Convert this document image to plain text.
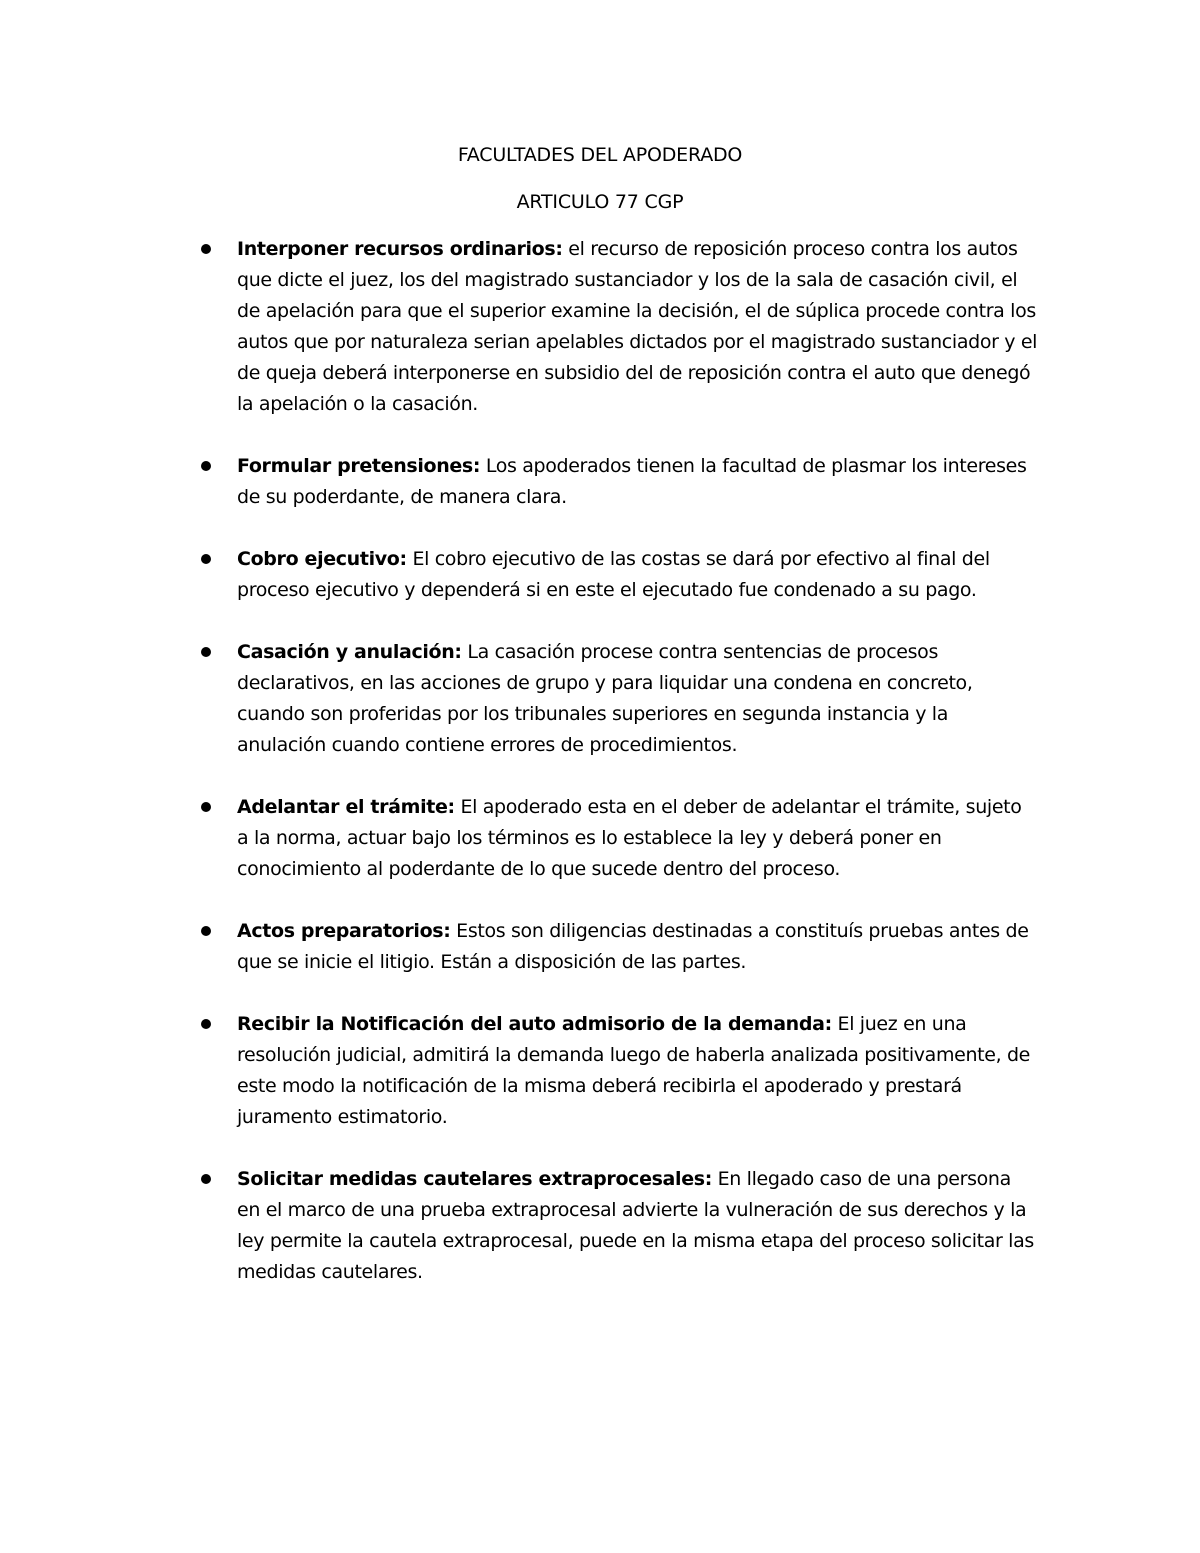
FACULTADES DEL APODERADO
ARTICULO 77 CGP
Interponer recursos ordinarios: el recurso de reposición proceso contra los autos que dicte el juez, los del magistrado sustanciador y los de la sala de casación civil, el de apelación para que el superior examine la decisión, el de súplica procede contra los autos que por naturaleza serian apelables dictados por el magistrado sustanciador y el de queja deberá interponerse en subsidio del de reposición contra el auto que denegó la apelación o la casación.
Formular pretensiones: Los apoderados tienen la facultad de plasmar los intereses de su poderdante, de manera clara.
Cobro ejecutivo: El cobro ejecutivo de las costas se dará por efectivo al final del proceso ejecutivo y dependerá si en este el ejecutado fue condenado a su pago.
Casación y anulación: La casación procese contra sentencias de procesos declarativos, en las acciones de grupo y para liquidar una condena en concreto, cuando son proferidas por los tribunales superiores en segunda instancia y la anulación cuando contiene errores de procedimientos.
Adelantar el trámite: El apoderado esta en el deber de adelantar el trámite, sujeto a la norma, actuar bajo los términos es lo establece la ley y deberá poner en conocimiento al poderdante de lo que sucede dentro del proceso.
Actos preparatorios: Estos son diligencias destinadas a constituís pruebas antes de que se inicie el litigio. Están a disposición de las partes.
Recibir la Notificación del auto admisorio de la demanda: El juez en una resolución judicial, admitirá la demanda luego de haberla analizada positivamente, de este modo la notificación de la misma deberá recibirla el apoderado y prestará juramento estimatorio.
Solicitar medidas cautelares extraprocesales: En llegado caso de una persona en el marco de una prueba extraprocesal advierte la vulneración de sus derechos y la ley permite la cautela extraprocesal, puede en la misma etapa del proceso solicitar las medidas cautelares.
